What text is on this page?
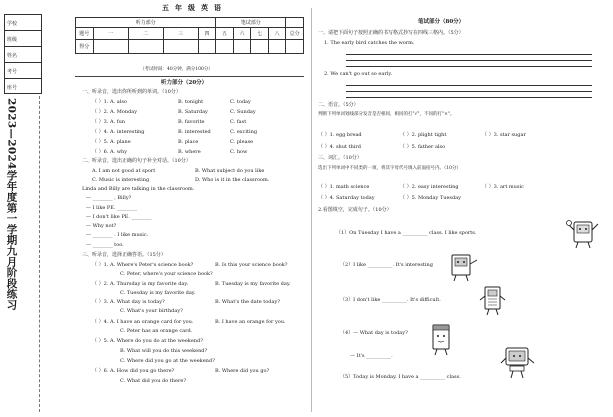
学校
班级
姓名
考号
座号
2023—2024学年度第一学期九月阶段练习
五年级英语
听力部分					笔试部分				
题号	一	二	三	四	五	六	七	八	总分
得分									
（考试时间：40分钟，满分100分）
听力部分（20分）
一、听录音，选出你所听到的单词。（10分）
（ ）1. A. also	B. tonight	C. today
（ ）2. A. Monday	B. Saturday	C. Sunday
（ ）3. A. fun	B. favorite	C. fast
（ ）4. A. interesting	B. interested	C. exciting
（ ）5. A. plane	B. place	C. please
（ ）6. A. why	B. where	C. how
二、听录音，选出正确的句子补全对话。（10分）
A. I am not good at sport	B. What subject do you like
C. Music is interesting	D. Who is it in the classroom.
Linda and Billy are talking in the classroom.
— ________ , Billy?
— I like PE. ________
— I don't like PE. ________
— Why not?
— ________ . I like music.
— ________ too.
三、听录音，选择正确答语。（15分）
（ ）1. A. Where's Peter's science book?	B. Is this your science book?
C. Peter, where's your science book?
（ ）2. A. Thursday is my favorite day.	B. Tuesday is my favorite day.
C. Tuesday is my favorite day.
（ ）3. A. What day is today?	B. What's the date today?
C. What's your birthday?
（ ）4. A. I have an orange card for you.	B. I have an orange for you.
C. Peter has an orange card.
（ ）5. A. Where do you do at the weekend?
B. What will you do this weekend?
C. Where did you go at the weekend?
（ ）6. A. How did you go there?	B. Where did you go?
C. What did you do there?
笔试部分（80分）
一、请把下面句子按照正确的书写格式抄写在四线三格内。（5分）
1. The early bird catches the worm.
2. We can't go out so early.
二、语音。（5分）
判断下列单词划线部分发音是否相同，相同的打"√"，不同的打"×"。
（ ）1. egg bread	（ ）2. plight tight	（ ）3. star sugar
（ ）4. shut third	（ ）5. father also
三、词汇。（10分）
选出下列单词中不同类的一项，将其字母代号填入前面括号内。（10分）
（ ）1. math science	（ ）2. easy interesting	（ ）3. art music
（ ）4. Saturday today	（ ）5. Monday Tuesday
2.看图填空，完成句子。（10分）
（1）On Tuesday I have a __________ class. I like sports.
（2）I like __________. It's interesting
（3）I don't like __________. It's difficult.
（4）— What day is today?
— It's __________.
（5）Today is Monday. I have a __________ class.
